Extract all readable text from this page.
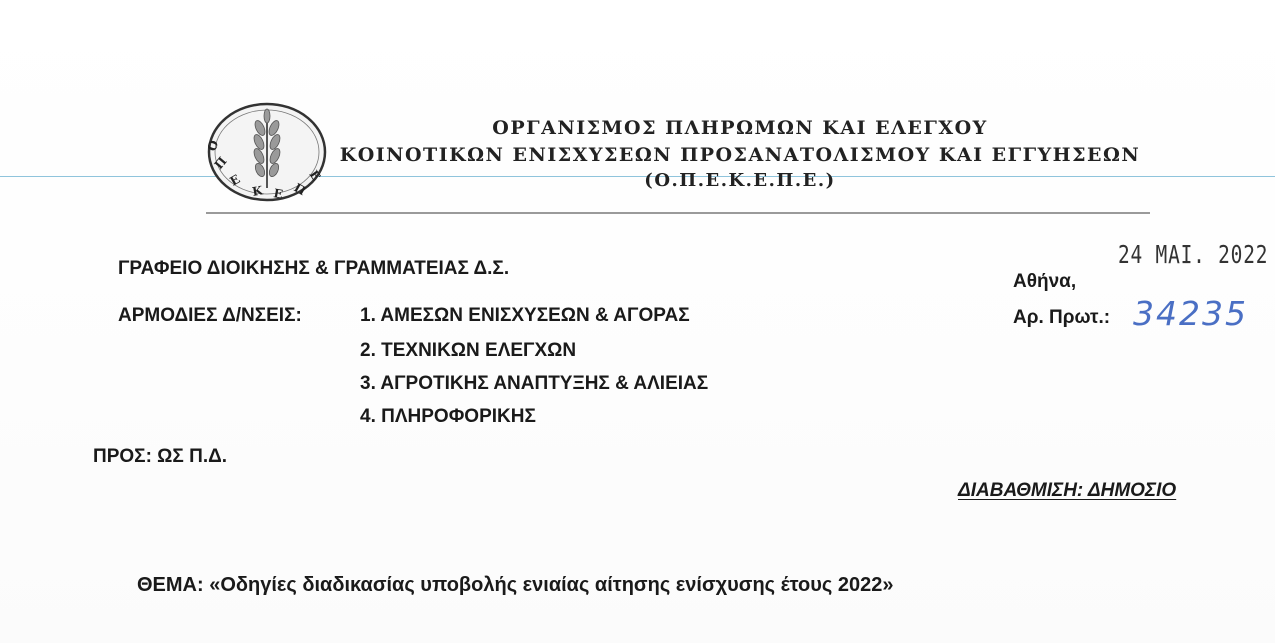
Ο
Π
Ε
Κ Ε Π
Ε
ΟΡΓΑΝΙΣΜΟΣ ΠΛΗΡΩΜΩΝ ΚΑΙ ΕΛΕΓΧΟΥ
ΚΟΙΝΟΤΙΚΩΝ ΕΝΙΣΧΥΣΕΩΝ ΠΡΟΣΑΝΑΤΟΛΙΣΜΟΥ ΚΑΙ ΕΓΓΥΗΣΕΩΝ
(Ο.Π.Ε.Κ.Ε.Π.Ε.)
ΓΡΑΦΕΙΟ ΔΙΟΙΚΗΣΗΣ & ΓΡΑΜΜΑΤΕΙΑΣ Δ.Σ.
ΑΡΜΟΔΙΕΣ Δ/ΝΣΕΙΣ:	1. ΑΜΕΣΩΝ ΕΝΙΣΧΥΣΕΩΝ & ΑΓΟΡΑΣ
2. ΤΕΧΝΙΚΩΝ ΕΛΕΓΧΩΝ
3. ΑΓΡΟΤΙΚΗΣ ΑΝΑΠΤΥΞΗΣ & ΑΛΙΕΙΑΣ
4. ΠΛΗΡΟΦΟΡΙΚΗΣ
24 ΜΑΙ. 2022
Αθήνα,
Αρ. Πρωτ.: 34235
ΠΡΟΣ: ΩΣ Π.Δ.
ΔΙΑΒΑΘΜΙΣΗ: ΔΗΜΟΣΙΟ
ΘΕΜΑ: «Οδηγίες διαδικασίας υποβολής ενιαίας αίτησης ενίσχυσης έτους 2022»
